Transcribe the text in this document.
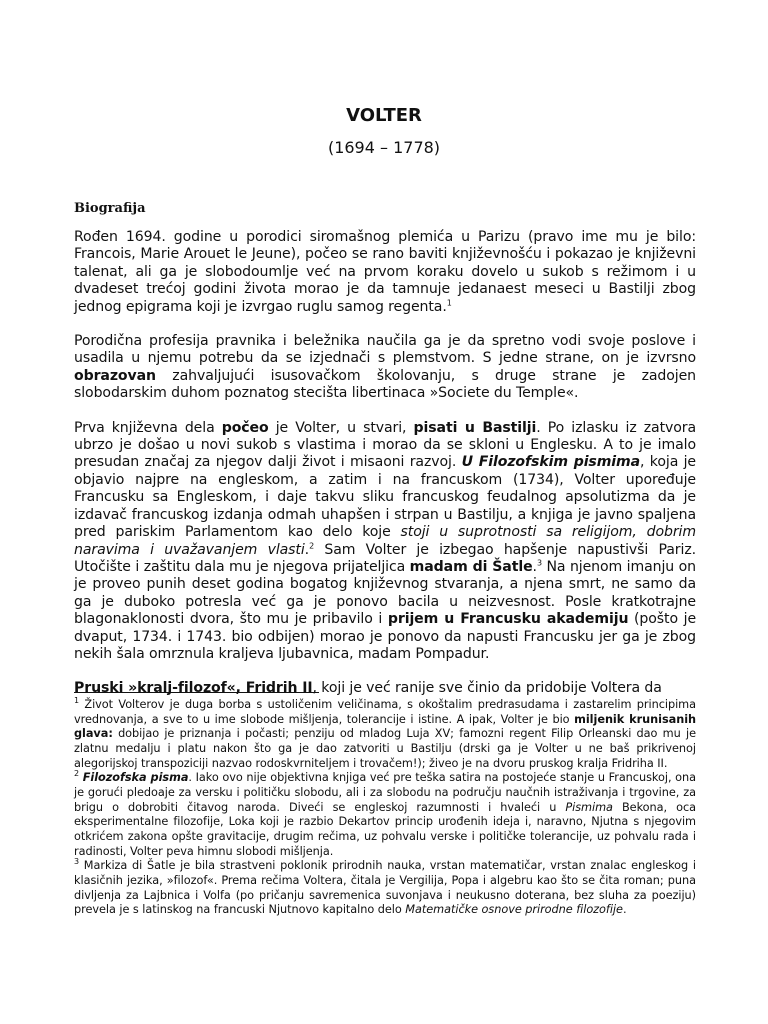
VOLTER
(1694 – 1778)
Biografija

Rođen 1694. godine u porodici siromašnog plemića u Parizu (pravo ime mu je bilo: Francois, Marie Arouet le Jeune), počeo se rano baviti književnošću i pokazao je književni talenat, ali ga je slobodoumlje već na prvom koraku dovelo u sukob s režimom i u dvadeset trećoj godini života morao je da tamnuje jedanaest meseci u Bastilji zbog jednog epigrama koji je izvrgao ruglu samog regenta.$^1$

Porodična profesija pravnika i beležnika naučila ga je da spretno vodi svoje poslove i usadila u njemu potrebu da se izjednači s plemstvom. S jedne strane, on je izvrsno obrazovan zahvaljujući isusovačkom školovanju, s druge strane je zadojen slobodarskim duhom poznatog stecišta libertinaca »Societe du Temple«.

Prva književna dela počeo je Volter, u stvari, pisati u Bastilji. Po izlasku iz zatvora ubrzo je došao u novi sukob s vlastima i morao da se skloni u Englesku. A to je imalo presudan značaj za njegov dalji život i misaoni razvoj. U Filozofskim pismima, koja je objavio najpre na engleskom, a zatim i na francuskom (1734), Volter upoređuje Francusku sa Engleskom, i daje takvu sliku francuskog feudalnog apsolutizma da je izdavač francuskog izdanja odmah uhapšen i strpan u Bastilju, a knjiga je javno spaljena pred pariskim Parlamentom kao delo koje stoji u suprotnosti sa religijom, dobrim naravima i uvažavanjem vlasti.$^2$ Sam Volter je izbegao hapšenje napustivši Pariz. Utočište i zaštitu dala mu je njegova prijateljica madam di Šatle.$^3$ Na njenom imanju on je proveo punih deset godina bogatog književnog stvaranja, a njena smrt, ne samo da ga je duboko potresla već ga je ponovo bacila u neizvesnost. Posle kratkotrajne blagonaklonosti dvora, što mu je pribavilo i prijem u Francusku akademiju (pošto je dvaput, 1734. i 1743. bio odbijen) morao je ponovo da napusti Francusku jer ga je zbog nekih šala omrznula kraljeva ljubavnica, madam Pompadur.

Pruski »kralj-filozof«, Fridrih II, koji je već ranije sve činio da pridobije Voltera da

$^1$ Život Volterov je duga borba s ustoličenim veličinama, s okoštalim predrasudama i zastarelim principima vrednovanja, a sve to u ime slobode mišljenja, tolerancije i istine. A ipak, Volter je bio miljenik krunisanih glava: dobijao je priznanja i počasti; penziju od mladog Luja XV; famozni regent Filip Orleanski dao mu je zlatnu medalju i platu nakon što ga je dao zatvoriti u Bastilju (drski ga je Volter u ne baš prikrivenoj alegorijskoj transpoziciji nazvao rodoskvrniteljem i trovačem!); živeo je na dvoru pruskog kralja Fridriha II.

$^2$ Filozofska pisma. Iako ovo nije objektivna knjiga već pre teška satira na postojeće stanje u Francuskoj, ona je gorući pledoaje za versku i političku slobodu, ali i za slobodu na području naučnih istraživanja i trgovine, za brigu o dobrobiti čitavog naroda. Diveći se engleskoj razumnosti i hvaleći u Pismima Bekona, oca eksperimentalne filozofije, Loka koji je razbio Dekartov princip urođenih ideja i, naravno, Njutna s njegovim otkrićem zakona opšte gravitacije, drugim rečima, uz pohvalu verske i političke tolerancije, uz pohvalu rada i radinosti, Volter peva himnu slobodi mišljenja.

$^3$ Markiza di Šatle je bila strastveni poklonik prirodnih nauka, vrstan matematičar, vrstan znalac engleskog i klasičnih jezika, »filozof«. Prema rečima Voltera, čitala je Vergilija, Popa i algebru kao što se čita roman; puna divljenja za Lajbnica i Volfa (po pričanju savremenica suvonjava i neukusno doterana, bez sluha za poeziju) prevela je s latinskog na francuski Njutnovo kapitalno delo Matematičke osnove prirodne filozofije.
